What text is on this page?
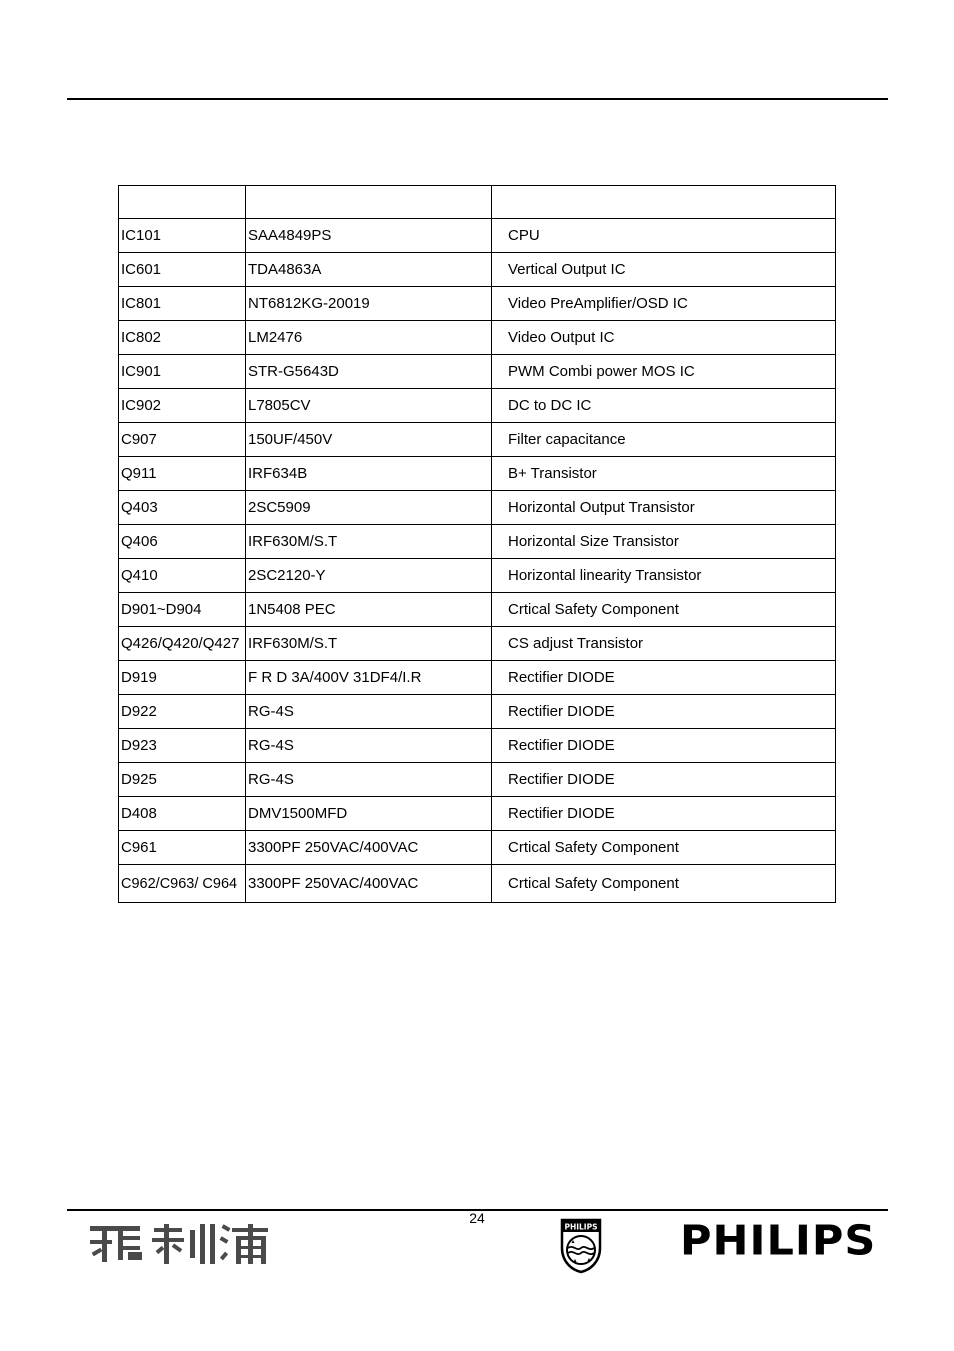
IC101	SAA4849PS	CPU
IC601	TDA4863A	Vertical Output IC
IC801	NT6812KG-20019	Video PreAmplifier/OSD IC
IC802	LM2476	Video Output IC
IC901	STR-G5643D	PWM Combi power MOS IC
IC902	L7805CV	DC to DC IC
C907	150UF/450V	Filter capacitance
Q911	IRF634B	B+ Transistor
Q403	2SC5909	Horizontal Output Transistor
Q406	IRF630M/S.T	Horizontal Size Transistor
Q410	2SC2120-Y	Horizontal linearity Transistor
D901~D904	1N5408 PEC	Crtical Safety Component
Q426/Q420/Q427	IRF630M/S.T	CS adjust Transistor
D919	F R D 3A/400V 31DF4/I.R	Rectifier DIODE
D922	RG-4S	Rectifier DIODE
D923	RG-4S	Rectifier DIODE
D925	RG-4S	Rectifier DIODE
D408	DMV1500MFD	Rectifier DIODE
C961	3300PF 250VAC/400VAC	Crtical Safety Component
C962/C963/ C964	3300PF 250VAC/400VAC	Crtical Safety Component
24
PHILIPS PHILIPS
